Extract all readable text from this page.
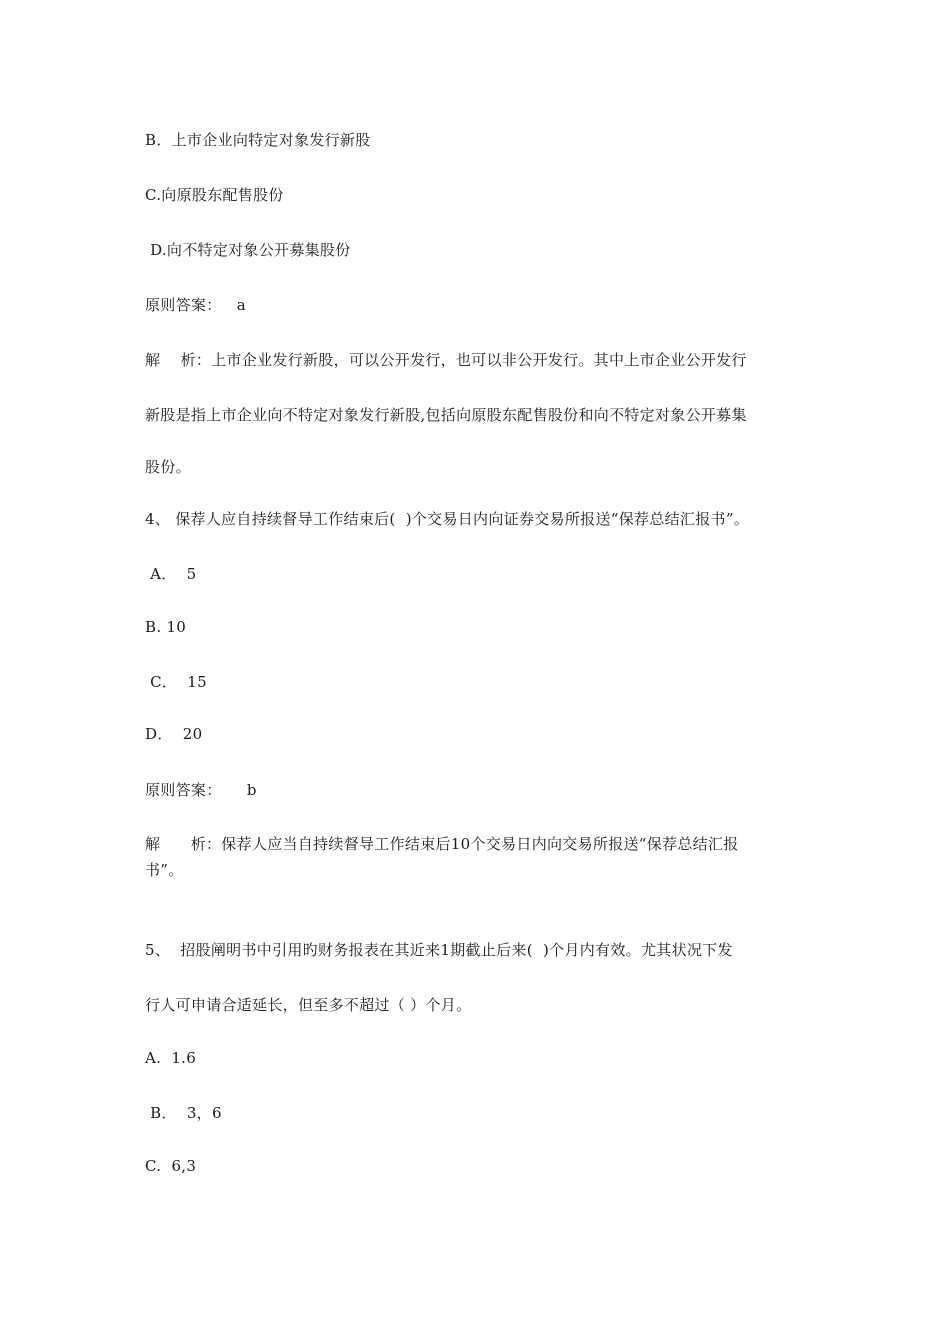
B．上市企业向特定对象发行新股
C.向原股东配售股份
D.向不特定对象公开募集股份
原则答案：   a
解    析：上市企业发行新股，可以公开发行，也可以非公开发行。其中上市企业公开发行
新股是指上市企业向不特定对象发行新股,包括向原股东配售股份和向不特定对象公开募集
股份。
4、 保荐人应自持续督导工作结束后(  )个交易日内向证券交易所报送“保荐总结汇报书”。
A．  5
B. 10
C．  15
D．  20
原则答案：     b
解      析：保荐人应当自持续督导工作结束后10个交易日内向交易所报送“保荐总结汇报
书”。
5、  招股阐明书中引用旳财务报表在其近来1期截止后来(  )个月内有效。尤其状况下发
行人可申请合适延长，但至多不超过（ ）个月。
A.  1.6
B．  3，6
C.  6,3
